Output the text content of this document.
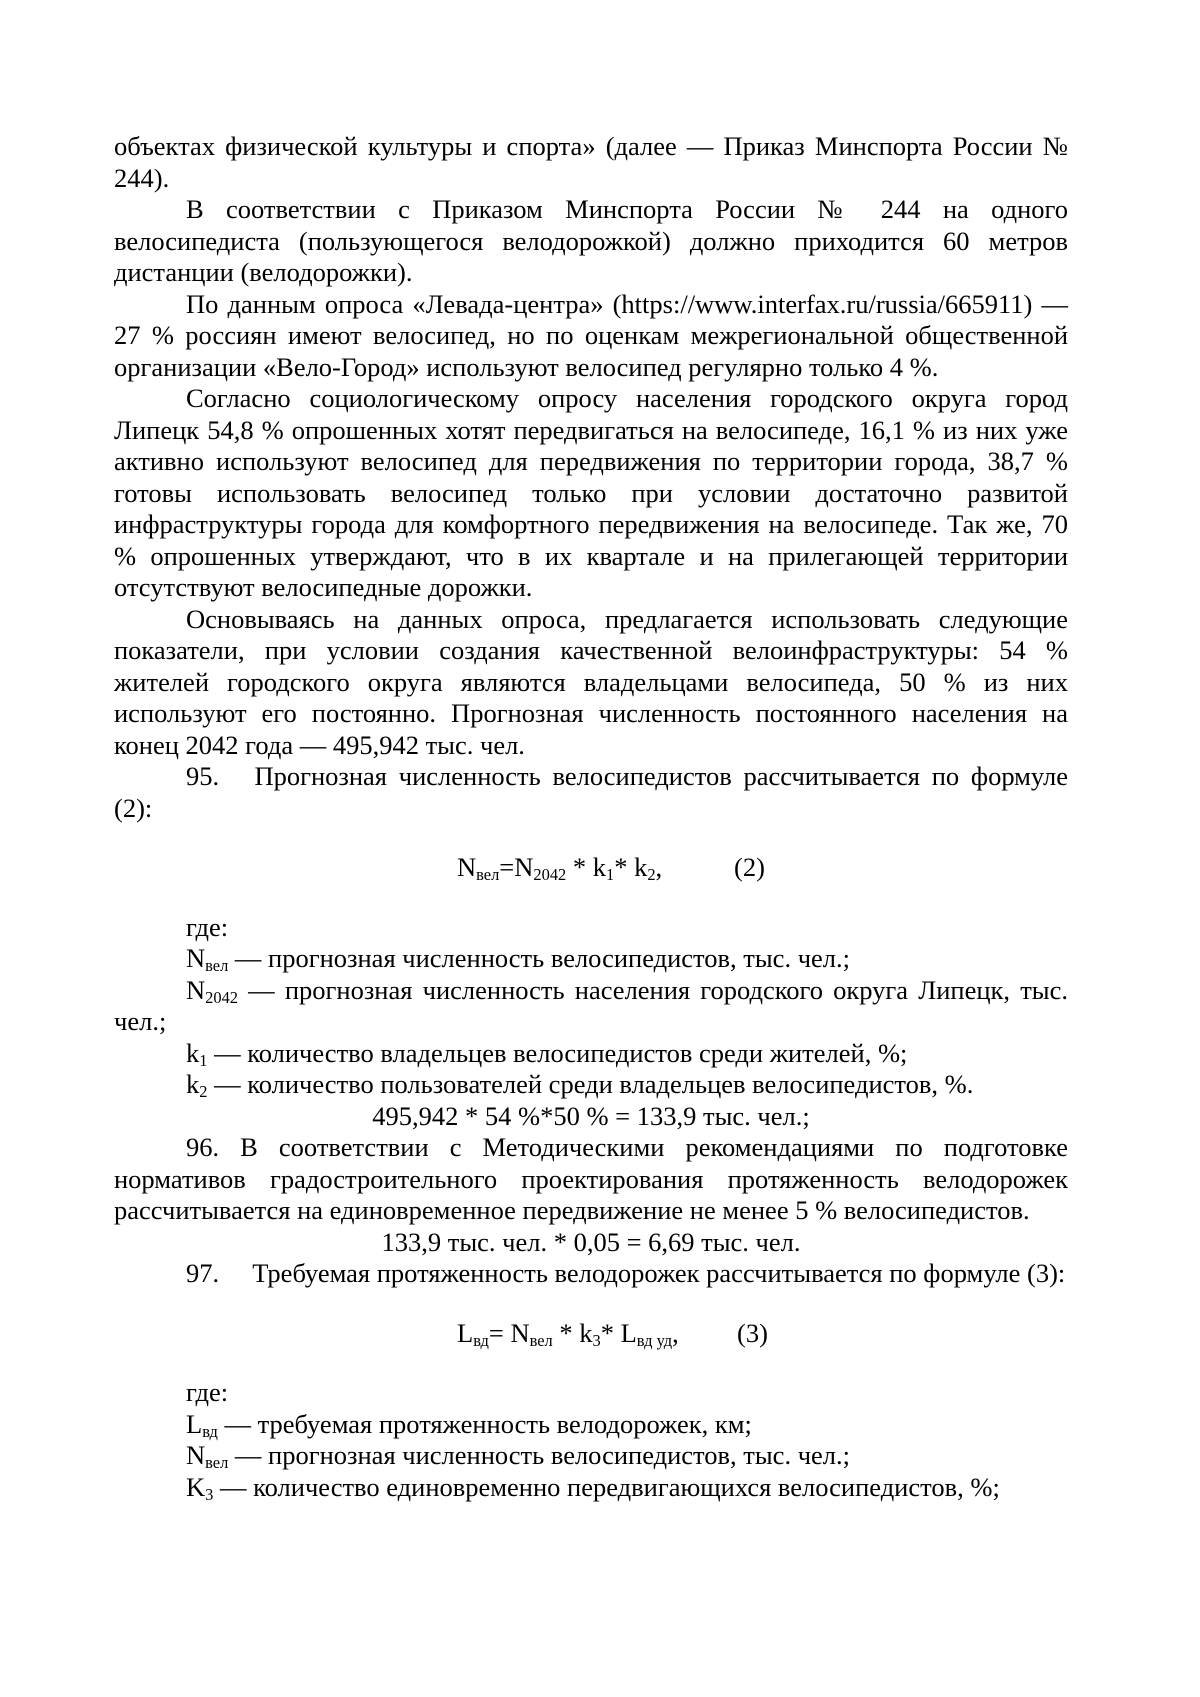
объектах физической культуры и спорта» (далее — Приказ Минспорта России № 244).

В соответствии с Приказом Минспорта России № 244 на одного велосипедиста (пользующегося велодорожкой) должно приходится 60 метров дистанции (велодорожки).

По данным опроса «Левада-центра» (https://www.interfax.ru/russia/665911) — 27 % россиян имеют велосипед, но по оценкам межрегиональной общественной организации «Вело-Город» используют велосипед регулярно только 4 %.

Согласно социологическому опросу населения городского округа город Липецк 54,8 % опрошенных хотят передвигаться на велосипеде, 16,1 % из них уже активно используют велосипед для передвижения по территории города, 38,7 % готовы использовать велосипед только при условии достаточно развитой инфраструктуры города для комфортного передвижения на велосипеде. Так же, 70 % опрошенных утверждают, что в их квартале и на прилегающей территории отсутствуют велосипедные дорожки.

Основываясь на данных опроса, предлагается использовать следующие показатели, при условии создания качественной велоинфраструктуры: 54 % жителей городского округа являются владельцами велосипеда, 50 % из них используют его постоянно. Прогнозная численность постоянного населения на конец 2042 года — 495,942 тыс. чел.

95. Прогнозная численность велосипедистов рассчитывается по формуле (2):

$N_{вел}=N_{2042} * k_1*$ $k_2$,	(2)

где:

$N_{вел}$ — прогнозная численность велосипедистов, тыс. чел.;

$N_{2042}$ — прогнозная численность населения городского округа Липецк, тыс. чел.;

$k_1$ — количество владельцев велосипедистов среди жителей, %;

$k_2$ — количество пользователей среди владельцев велосипедистов, %.

495,942 * 54 %*50 % = 133,9 тыс. чел.;

96. В соответствии с Методическими рекомендациями по подготовке нормативов градостроительного проектирования протяженность велодорожек рассчитывается на единовременное передвижение не менее 5 % велосипедистов.

133,9 тыс. чел. * 0,05 = 6,69 тыс. чел.

97. Требуемая протяженность велодорожек рассчитывается по формуле (3):

$L_{вд}= N_{вел} * k_3*$ $L_{вд уд}$, (3)

где:

$L_{вд}$ — требуемая протяженность велодорожек, км;

$N_{вел}$ — прогнозная численность велосипедистов, тыс. чел.;

$K_3$ — количество единовременно передвигающихся велосипедистов, %;
